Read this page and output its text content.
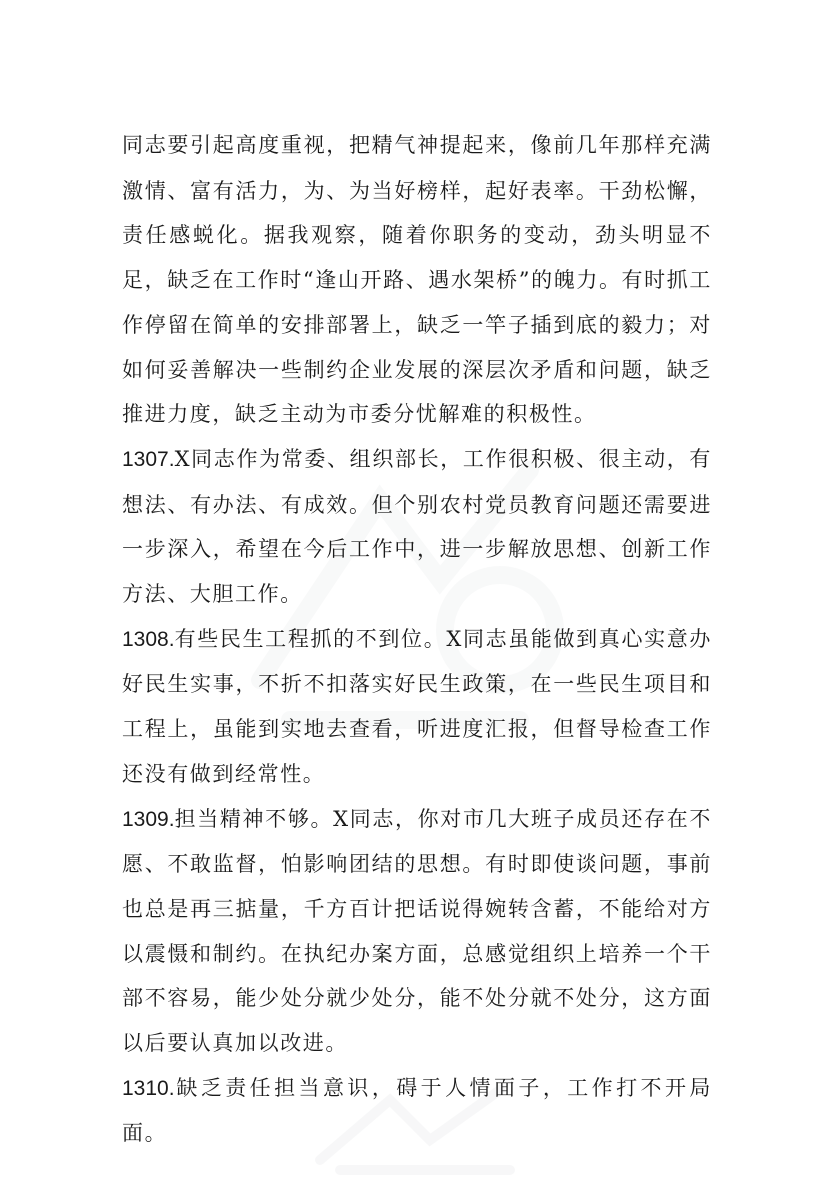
同志要引起高度重视，把精气神提起来，像前几年那样充满激情、富有活力，为、为当好榜样，起好表率。干劲松懈，责任感蜕化。据我观察，随着你职务的变动，劲头明显不足，缺乏在工作时“逢山开路、遇水架桥”的魄力。有时抓工作停留在简单的安排部署上，缺乏一竿子插到底的毅力；对如何妥善解决一些制约企业发展的深层次矛盾和问题，缺乏推进力度，缺乏主动为市委分忧解难的积极性。

1307.X同志作为常委、组织部长，工作很积极、很主动，有想法、有办法、有成效。但个别农村党员教育问题还需要进一步深入，希望在今后工作中，进一步解放思想、创新工作方法、大胆工作。

1308.有些民生工程抓的不到位。X同志虽能做到真心实意办好民生实事，不折不扣落实好民生政策，在一些民生项目和工程上，虽能到实地去查看，听进度汇报，但督导检查工作还没有做到经常性。

1309.担当精神不够。X同志，你对市几大班子成员还存在不愿、不敢监督，怕影响团结的思想。有时即使谈问题，事前也总是再三掂量，千方百计把话说得婉转含蓄，不能给对方以震慑和制约。在执纪办案方面，总感觉组织上培养一个干部不容易，能少处分就少处分，能不处分就不处分，这方面以后要认真加以改进。

1310.缺乏责任担当意识，碍于人情面子，工作打不开局面。
